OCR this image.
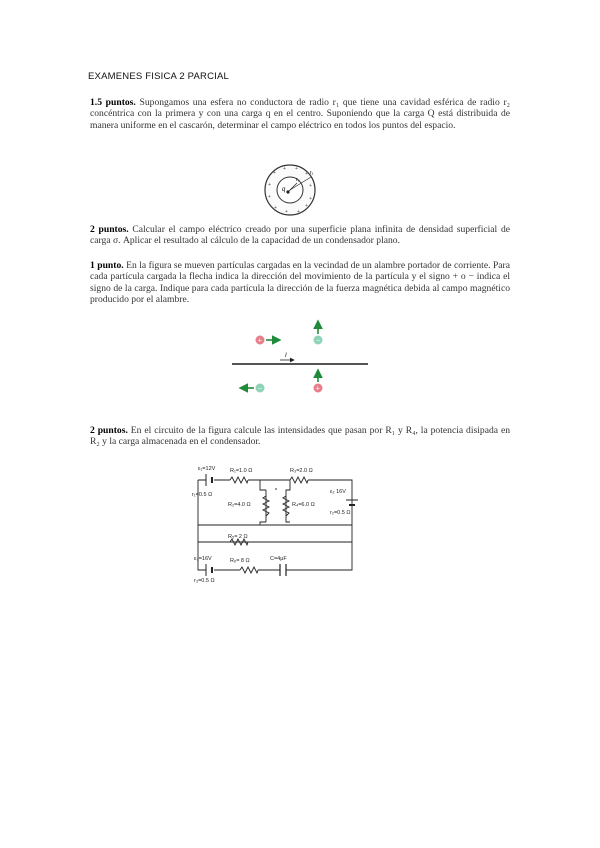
EXAMENES FISICA 2 PARCIAL
1.5 puntos. Supongamos una esfera no conductora de radio r₁ que tiene una cavidad esférica de radio r₂ concéntrica con la primera y con una carga q en el centro. Suponiendo que la carga Q está distribuida de manera uniforme en el cascarón, determinar el campo eléctrico en todos los puntos del espacio.
+
+ +
+
+	+
+	+
+
+ +
+
q
r₂
r₁
2 puntos. Calcular el campo eléctrico creado por una superficie plana infinita de densidad superficial de carga σ. Aplicar el resultado al cálculo de la capacidad de un condensador plano.
1 punto. En la figura se mueven partículas cargadas en la vecindad de un alambre portador de corriente. Para cada partícula cargada la flecha indica la dirección del movimiento de la partícula y el signo + o − indica el signo de la carga. Indique para cada partícula la dirección de la fuerza magnética debida al campo magnético producido por el alambre.
I
+	−
−	+
2 puntos. En el circuito de la figura calcule las intensidades que pasan por R₁ y R₄, la potencia disipada en R₂ y la carga almacenada en el condensador.
ε₁=12V
r₁=0.5 Ω
R₁=1.0 Ω	R₃=2.0 Ω
R₂=4.0 Ω	R₄=6.0 Ω
ε₂ 16V
r₂=0.5 Ω
R₅= 2 Ω
ε₃=16V	R₆= 8 Ω	C=4μF
r₃=0.5 Ω
